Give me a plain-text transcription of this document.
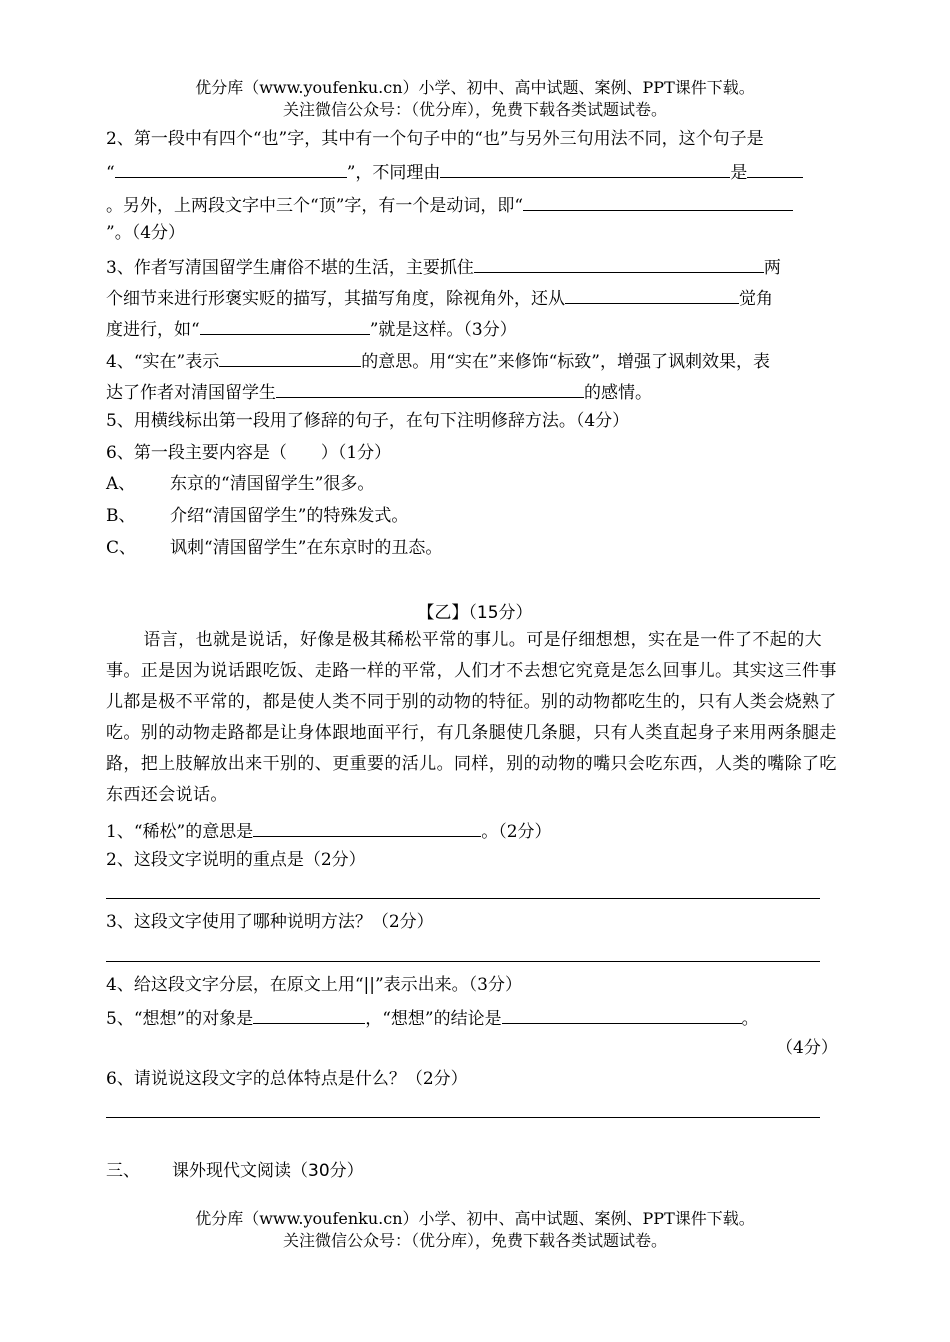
优分库（www.youfenku.cn）小学、初中、高中试题、案例、PPT课件下载。
关注微信公众号：（优分库），免费下载各类试题试卷。
2、第一段中有四个“也”字，其中有一个句子中的“也”与另外三句用法不同，这个句子是
“	”，不同理由	是
。另外，上两段文字中三个“顶”字，有一个是动词，即“
”。（4分）
3、作者写清国留学生庸俗不堪的生活，主要抓住	两
个细节来进行形褒实贬的描写，其描写角度，除视角外，还从	觉角
度进行，如“	”就是这样。（3分）
4、“实在”表示	的意思。用“实在”来修饰“标致”，增强了讽刺效果，表
达了作者对清国留学生	的感情。
5、用横线标出第一段用了修辞的句子，在句下注明修辞方法。（4分）
6、第一段主要内容是（　　）（1分）
A、 东京的“清国留学生”很多。
B、 介绍“清国留学生”的特殊发式。
C、 讽刺“清国留学生”在东京时的丑态。
【乙】（15分）

语言，也就是说话，好像是极其稀松平常的事儿。可是仔细想想，实在是一件了不起的大事。正是因为说话跟吃饭、走路一样的平常，人们才不去想它究竟是怎么回事儿。其实这三件事儿都是极不平常的，都是使人类不同于别的动物的特征。别的动物都吃生的，只有人类会烧熟了吃。别的动物走路都是让身体跟地面平行，有几条腿使几条腿，只有人类直起身子来用两条腿走路，把上肢解放出来干别的、更重要的活儿。同样，别的动物的嘴只会吃东西，人类的嘴除了吃东西还会说话。

1、“稀松”的意思是	。（2分）
2、这段文字说明的重点是（2分）
3、这段文字使用了哪种说明方法？（2分）
4、给这段文字分层，在原文上用“||”表示出来。（3分）
5、“想想”的对象是	，“想想”的结论是	。
（4分）
6、请说说这段文字的总体特点是什么？（2分）
三、 课外现代文阅读（30分）
优分库（www.youfenku.cn）小学、初中、高中试题、案例、PPT课件下载。
关注微信公众号：（优分库），免费下载各类试题试卷。
